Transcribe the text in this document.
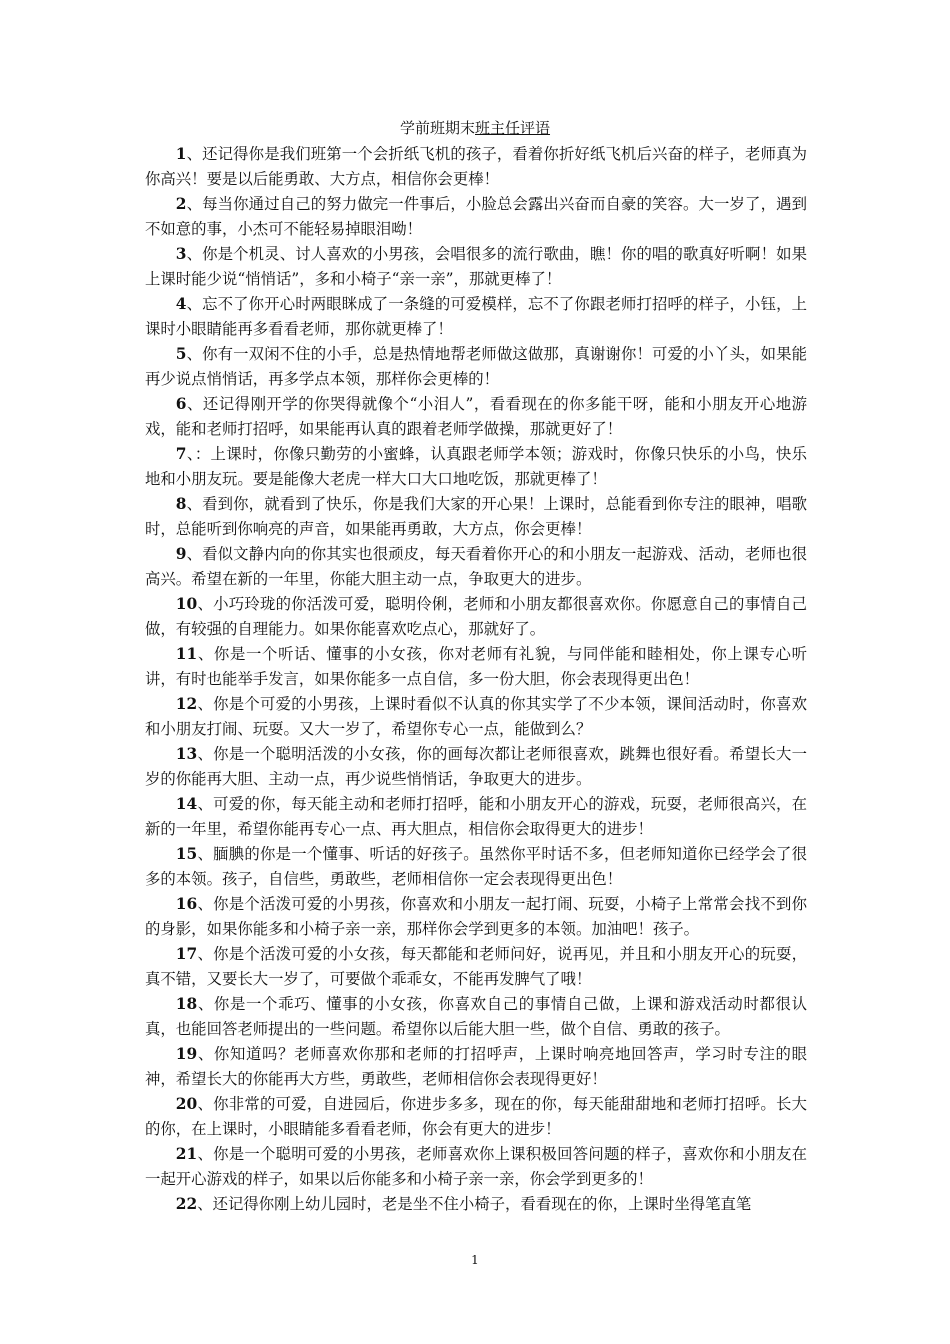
学前班期末班主任评语

1、还记得你是我们班第一个会折纸飞机的孩子，看着你折好纸飞机后兴奋的样子，老师真为你高兴！要是以后能勇敢、大方点，相信你会更棒！

2、每当你通过自己的努力做完一件事后，小脸总会露出兴奋而自豪的笑容。大一岁了，遇到不如意的事，小杰可不能轻易掉眼泪呦！

3、你是个机灵、讨人喜欢的小男孩，会唱很多的流行歌曲，瞧！你的唱的歌真好听啊！如果上课时能少说“悄悄话”，多和小椅子“亲一亲”，那就更棒了！

4、忘不了你开心时两眼眯成了一条缝的可爱模样，忘不了你跟老师打招呼的样子，小钰，上课时小眼睛能再多看看老师，那你就更棒了！

5、你有一双闲不住的小手，总是热情地帮老师做这做那，真谢谢你！可爱的小丫头，如果能再少说点悄悄话，再多学点本领，那样你会更棒的！

6、还记得刚开学的你哭得就像个“小泪人”，看看现在的你多能干呀，能和小朋友开心地游戏，能和老师打招呼，如果能再认真的跟着老师学做操，那就更好了！

7、：上课时，你像只勤劳的小蜜蜂，认真跟老师学本领；游戏时，你像只快乐的小鸟，快乐地和小朋友玩。要是能像大老虎一样大口大口地吃饭，那就更棒了！

8、看到你，就看到了快乐，你是我们大家的开心果！上课时，总能看到你专注的眼神，唱歌时，总能听到你响亮的声音，如果能再勇敢，大方点，你会更棒！

9、看似文静内向的你其实也很顽皮，每天看着你开心的和小朋友一起游戏、活动，老师也很高兴。希望在新的一年里，你能大胆主动一点，争取更大的进步。

10、小巧玲珑的你活泼可爱，聪明伶俐，老师和小朋友都很喜欢你。你愿意自己的事情自己做，有较强的自理能力。如果你能喜欢吃点心，那就好了。

11、你是一个听话、懂事的小女孩，你对老师有礼貌，与同伴能和睦相处，你上课专心听讲，有时也能举手发言，如果你能多一点自信，多一份大胆，你会表现得更出色！

12、你是个可爱的小男孩，上课时看似不认真的你其实学了不少本领，课间活动时，你喜欢和小朋友打闹、玩耍。又大一岁了，希望你专心一点，能做到么？

13、你是一个聪明活泼的小女孩，你的画每次都让老师很喜欢，跳舞也很好看。希望长大一岁的你能再大胆、主动一点，再少说些悄悄话，争取更大的进步。

14、可爱的你，每天能主动和老师打招呼，能和小朋友开心的游戏，玩耍，老师很高兴，在新的一年里，希望你能再专心一点、再大胆点，相信你会取得更大的进步！

15、腼腆的你是一个懂事、听话的好孩子。虽然你平时话不多，但老师知道你已经学会了很多的本领。孩子，自信些，勇敢些，老师相信你一定会表现得更出色！

16、你是个活泼可爱的小男孩，你喜欢和小朋友一起打闹、玩耍，小椅子上常常会找不到你的身影，如果你能多和小椅子亲一亲，那样你会学到更多的本领。加油吧！孩子。

17、你是个活泼可爱的小女孩，每天都能和老师问好，说再见，并且和小朋友开心的玩耍，真不错，又要长大一岁了，可要做个乖乖女，不能再发脾气了哦！

18、你是一个乖巧、懂事的小女孩，你喜欢自己的事情自己做，上课和游戏活动时都很认真，也能回答老师提出的一些问题。希望你以后能大胆一些，做个自信、勇敢的孩子。

19、你知道吗？老师喜欢你那和老师的打招呼声，上课时响亮地回答声，学习时专注的眼神，希望长大的你能再大方些，勇敢些，老师相信你会表现得更好！

20、你非常的可爱，自进园后，你进步多多，现在的你，每天能甜甜地和老师打招呼。长大的你，在上课时，小眼睛能多看看老师，你会有更大的进步！

21、你是一个聪明可爱的小男孩，老师喜欢你上课积极回答问题的样子，喜欢你和小朋友在一起开心游戏的样子，如果以后你能多和小椅子亲一亲，你会学到更多的！

22、还记得你刚上幼儿园时，老是坐不住小椅子，看看现在的你，上课时坐得笔直笔

1
